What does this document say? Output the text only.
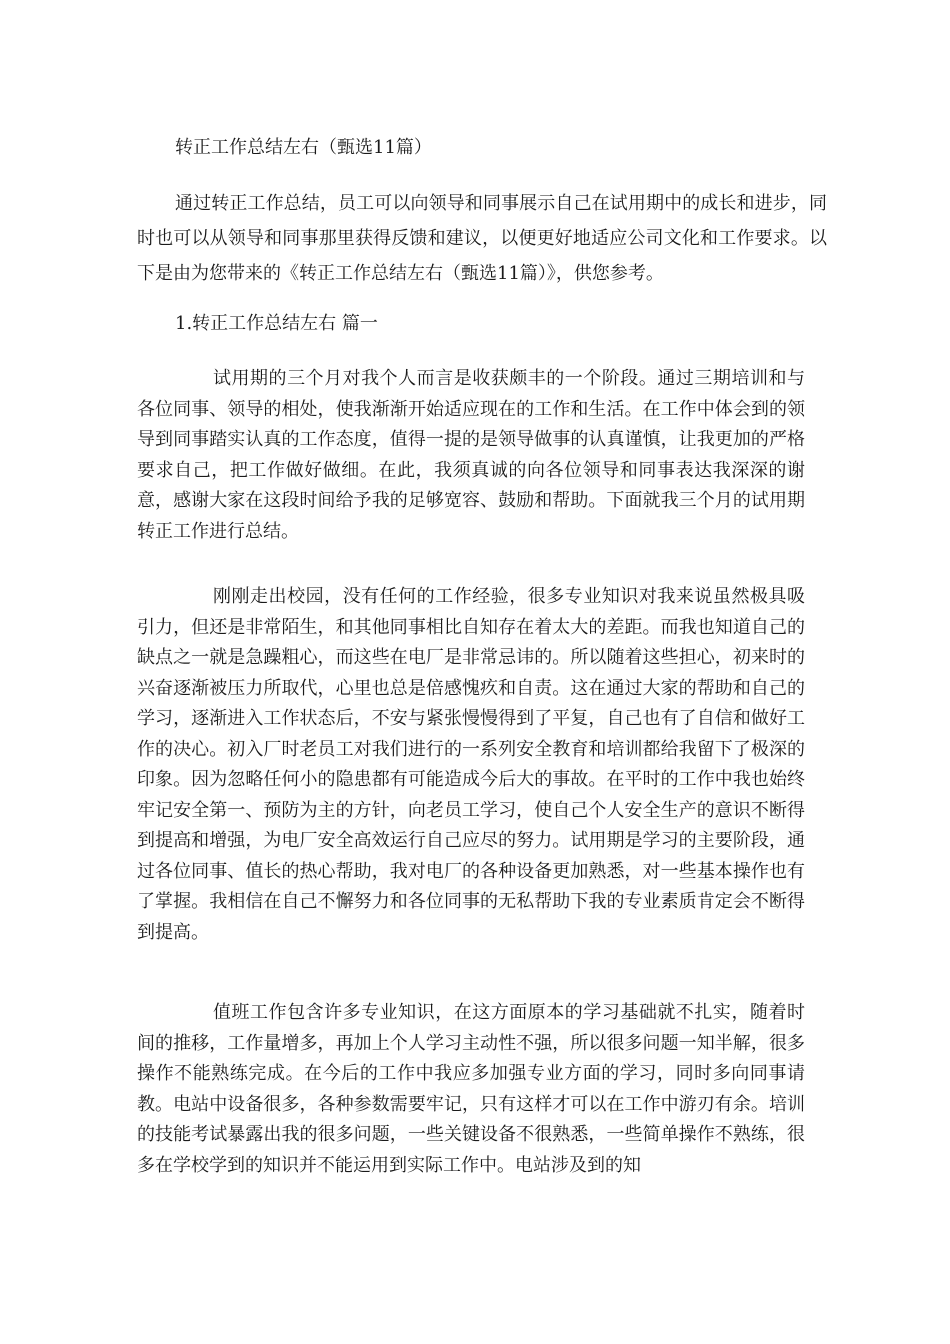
转正工作总结左右（甄选11篇）

通过转正工作总结，员工可以向领导和同事展示自己在试用期中的成长和进步，同时也可以从领导和同事那里获得反馈和建议，以便更好地适应公司文化和工作要求。以下是由为您带来的《转正工作总结左右（甄选11篇）》，供您参考。

1.转正工作总结左右 篇一

试用期的三个月对我个人而言是收获颇丰的一个阶段。通过三期培训和与各位同事、领导的相处，使我渐渐开始适应现在的工作和生活。在工作中体会到的领导到同事踏实认真的工作态度，值得一提的是领导做事的认真谨慎，让我更加的严格要求自己，把工作做好做细。在此，我须真诚的向各位领导和同事表达我深深的谢意，感谢大家在这段时间给予我的足够宽容、鼓励和帮助。下面就我三个月的试用期转正工作进行总结。

刚刚走出校园，没有任何的工作经验，很多专业知识对我来说虽然极具吸引力，但还是非常陌生，和其他同事相比自知存在着太大的差距。而我也知道自己的缺点之一就是急躁粗心，而这些在电厂是非常忌讳的。所以随着这些担心，初来时的兴奋逐渐被压力所取代，心里也总是倍感愧疚和自责。这在通过大家的帮助和自己的学习，逐渐进入工作状态后，不安与紧张慢慢得到了平复，自己也有了自信和做好工作的决心。初入厂时老员工对我们进行的一系列安全教育和培训都给我留下了极深的印象。因为忽略任何小的隐患都有可能造成今后大的事故。在平时的工作中我也始终牢记安全第一、预防为主的方针，向老员工学习，使自己个人安全生产的意识不断得到提高和增强，为电厂安全高效运行自己应尽的努力。试用期是学习的主要阶段，通过各位同事、值长的热心帮助，我对电厂的各种设备更加熟悉，对一些基本操作也有了掌握。我相信在自己不懈努力和各位同事的无私帮助下我的专业素质肯定会不断得到提高。

值班工作包含许多专业知识，在这方面原本的学习基础就不扎实，随着时间的推移，工作量增多，再加上个人学习主动性不强，所以很多问题一知半解，很多操作不能熟练完成。在今后的工作中我应多加强专业方面的学习，同时多向同事请教。电站中设备很多，各种参数需要牢记，只有这样才可以在工作中游刃有余。培训的技能考试暴露出我的很多问题，一些关键设备不很熟悉，一些简单操作不熟练，很多在学校学到的知识并不能运用到实际工作中。电站涉及到的知
